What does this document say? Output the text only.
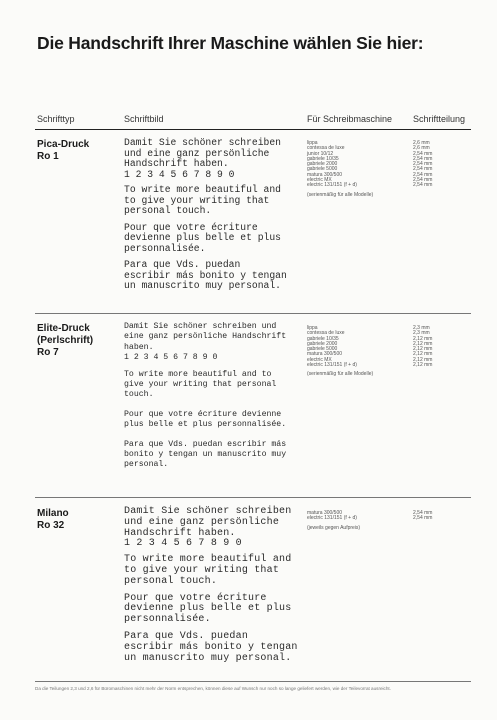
Die Handschrift Ihrer Maschine wählen Sie hier:
Schrifttyp	Schriftbild	Für Schreibmaschine Schriftteilung
Pica-Druck
Ro 1

Damit Sie schöner schreiben
und eine ganz persönliche
Handschrift haben.
1 2 3 4 5 6 7 8 9 0

To write more beautiful and
to give your writing that
personal touch.

Pour que votre écriture
devienne plus belle et plus
personnalisée.

Para que Vds. puedan
escribir más bonito y tengan
un manuscrito muy personal.

lippa
contessa de luxe
junior 10/12
gabriele 10/35
gabriele 2000
gabriele 5000
matura 300/500
electric MX
electric 131/151 (f + d)
(serienmäßig für alle Modelle)
2,6 mm
2,6 mm
2,54 mm
2,54 mm
2,54 mm
2,54 mm
2,54 mm
2,54 mm
2,54 mm
Elite-Druck
(Perlschrift)
Ro 7

Damit Sie schöner schreiben und
eine ganz persönliche Handschrift
haben.
1 2 3 4 5 6 7 8 9 0

To write more beautiful and to
give your writing that personal
touch.

Pour que votre écriture devienne
plus belle et plus personnalisée.

Para que Vds. puedan escribir más
bonito y tengan un manuscrito muy
personal.

lippa
contessa de luxe
gabriele 10/35
gabriele 2000
gabriele 5000
matura 300/500
electric MX
electric 131/151 (f + d)
(serienmäßig für alle Modelle)
2,3 mm
2,3 mm
2,12 mm
2,12 mm
2,12 mm
2,12 mm
2,12 mm
2,12 mm
Milano
Ro 32

Damit Sie schöner schreiben
und eine ganz persönliche
Handschrift haben.
1 2 3 4 5 6 7 8 9 0

To write more beautiful and
to give your writing that
personal touch.

Pour que votre écriture
devienne plus belle et plus
personnalisée.

Para que Vds. puedan
escribir más bonito y tengan
un manuscrito muy personal.

matura 300/500
electric 131/151 (f + d)
(jeweils gegen Aufpreis)
2,54 mm
2,54 mm
Da die Teilungen 2,3 und 2,6 für Büromaschinen nicht mehr der Norm entsprechen, können diese auf Wunsch nur noch so lange geliefert werden, wie der Teilevorrat ausreicht.
